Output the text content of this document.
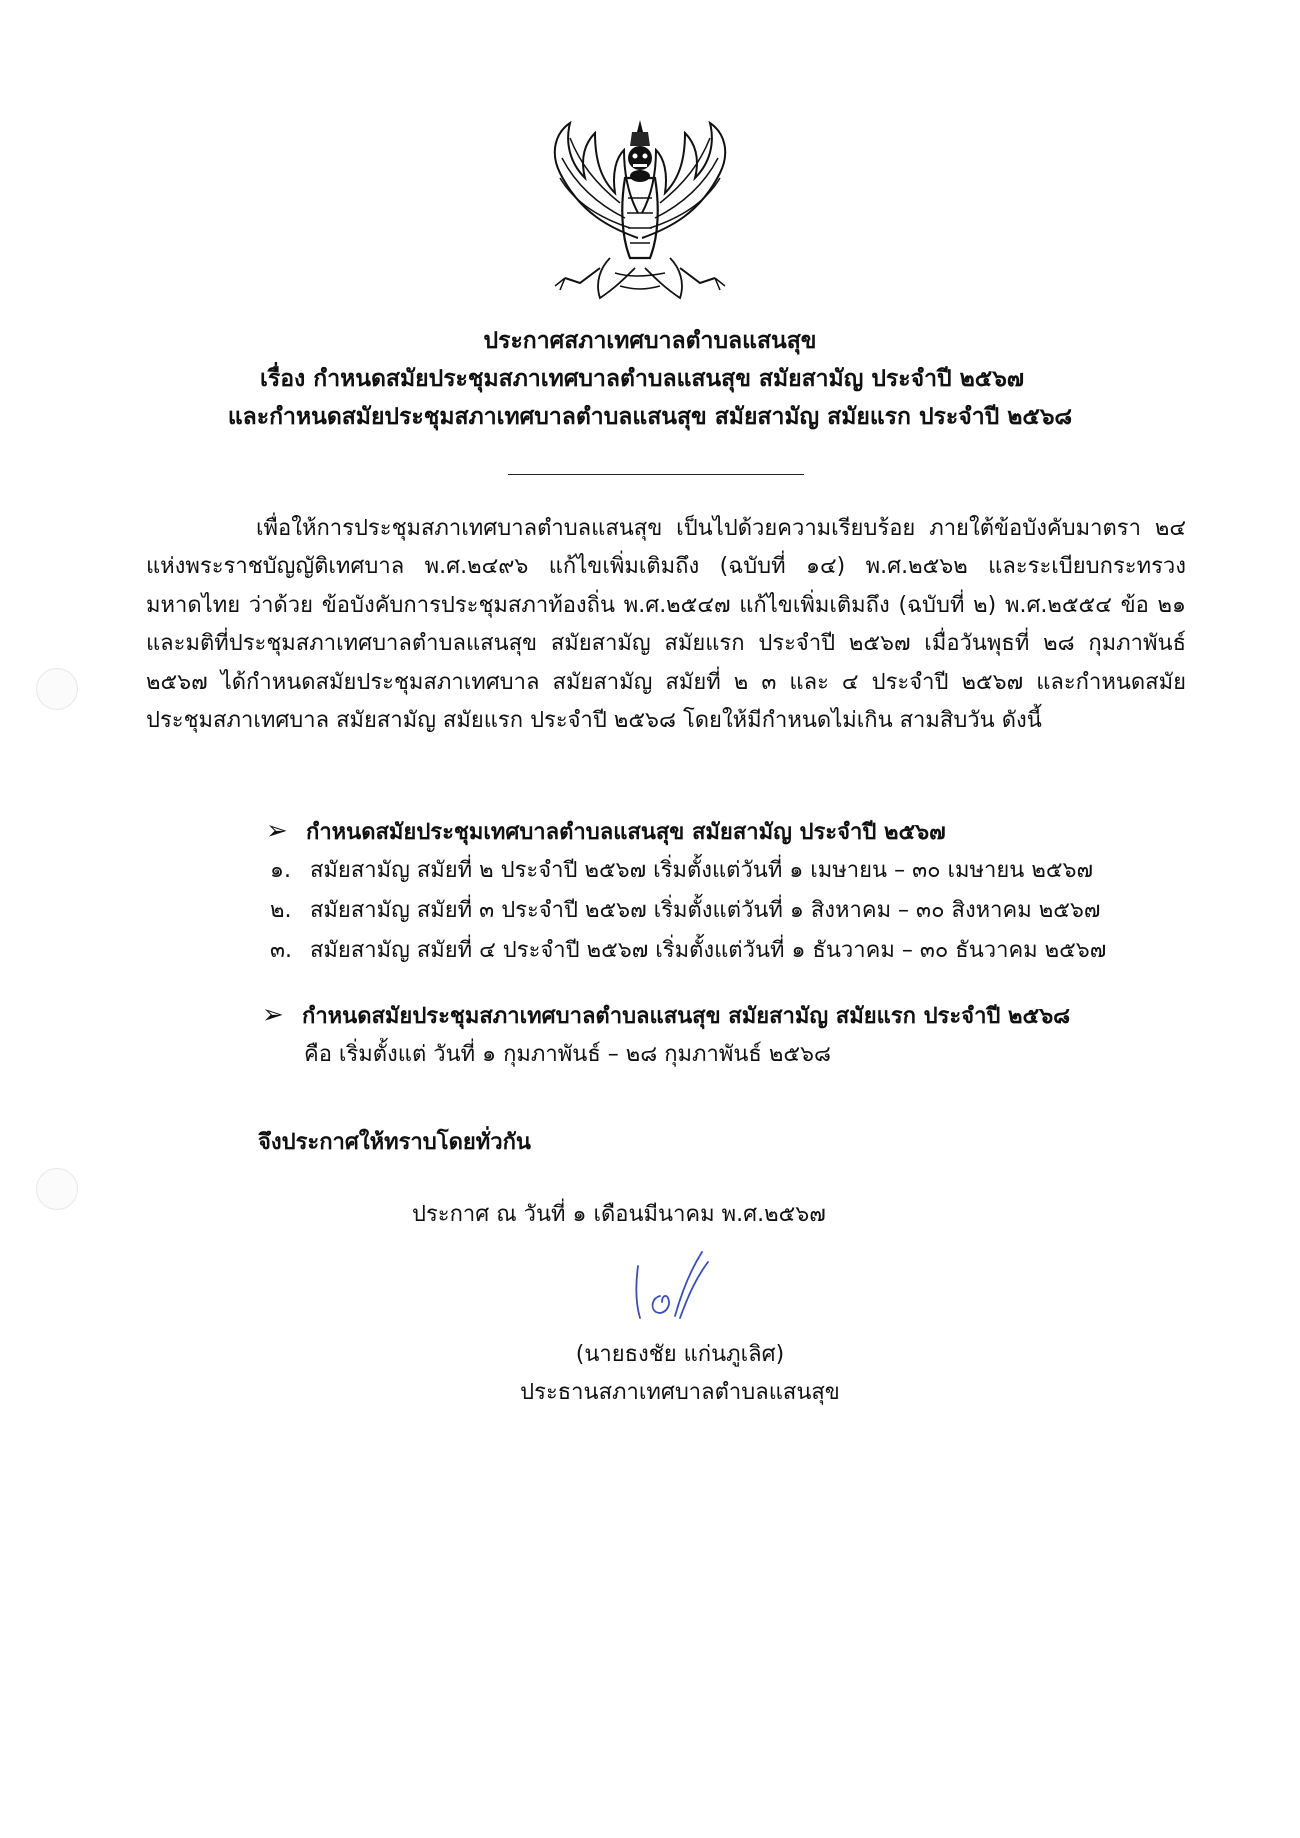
ประกาศสภาเทศบาลตำบลแสนสุข
เรื่อง กำหนดสมัยประชุมสภาเทศบาลตำบลแสนสุข สมัยสามัญ ประจำปี ๒๕๖๗
และกำหนดสมัยประชุมสภาเทศบาลตำบลแสนสุข สมัยสามัญ สมัยแรก ประจำปี ๒๕๖๘
เพื่อให้การประชุมสภาเทศบาลตำบลแสนสุข เป็นไปด้วยความเรียบร้อย ภายใต้ข้อบังคับมาตรา ๒๔ แห่งพระราชบัญญัติเทศบาล พ.ศ.๒๔๙๖ แก้ไขเพิ่มเติมถึง (ฉบับที่ ๑๔) พ.ศ.๒๕๖๒ และระเบียบกระทรวงมหาดไทย ว่าด้วย ข้อบังคับการประชุมสภาท้องถิ่น พ.ศ.๒๕๔๗ แก้ไขเพิ่มเติมถึง (ฉบับที่ ๒) พ.ศ.๒๕๕๔ ข้อ ๒๑ และมติที่ประชุมสภาเทศบาลตำบลแสนสุข สมัยสามัญ สมัยแรก ประจำปี ๒๕๖๗ เมื่อวันพุธที่ ๒๘ กุมภาพันธ์ ๒๕๖๗ ได้กำหนดสมัยประชุมสภาเทศบาล สมัยสามัญ สมัยที่ ๒ ๓ และ ๔ ประจำปี ๒๕๖๗ และกำหนดสมัยประชุมสภาเทศบาล สมัยสามัญ สมัยแรก ประจำปี ๒๕๖๘ โดยให้มีกำหนดไม่เกิน สามสิบวัน ดังนี้
➢ กำหนดสมัยประชุมเทศบาลตำบลแสนสุข สมัยสามัญ ประจำปี ๒๕๖๗
๑. สมัยสามัญ สมัยที่ ๒ ประจำปี ๒๕๖๗ เริ่มตั้งแต่วันที่ ๑ เมษายน – ๓๐ เมษายน ๒๕๖๗
๒. สมัยสามัญ สมัยที่ ๓ ประจำปี ๒๕๖๗ เริ่มตั้งแต่วันที่ ๑ สิงหาคม – ๓๐ สิงหาคม ๒๕๖๗
๓. สมัยสามัญ สมัยที่ ๔ ประจำปี ๒๕๖๗ เริ่มตั้งแต่วันที่ ๑ ธันวาคม – ๓๐ ธันวาคม ๒๕๖๗
➢ กำหนดสมัยประชุมสภาเทศบาลตำบลแสนสุข สมัยสามัญ สมัยแรก ประจำปี ๒๕๖๘
คือ เริ่มตั้งแต่ วันที่ ๑ กุมภาพันธ์ – ๒๘ กุมภาพันธ์ ๒๕๖๘
จึงประกาศให้ทราบโดยทั่วกัน
ประกาศ ณ วันที่ ๑ เดือนมีนาคม พ.ศ.๒๕๖๗
(นายธงชัย แก่นภูเลิศ)
ประธานสภาเทศบาลตำบลแสนสุข
